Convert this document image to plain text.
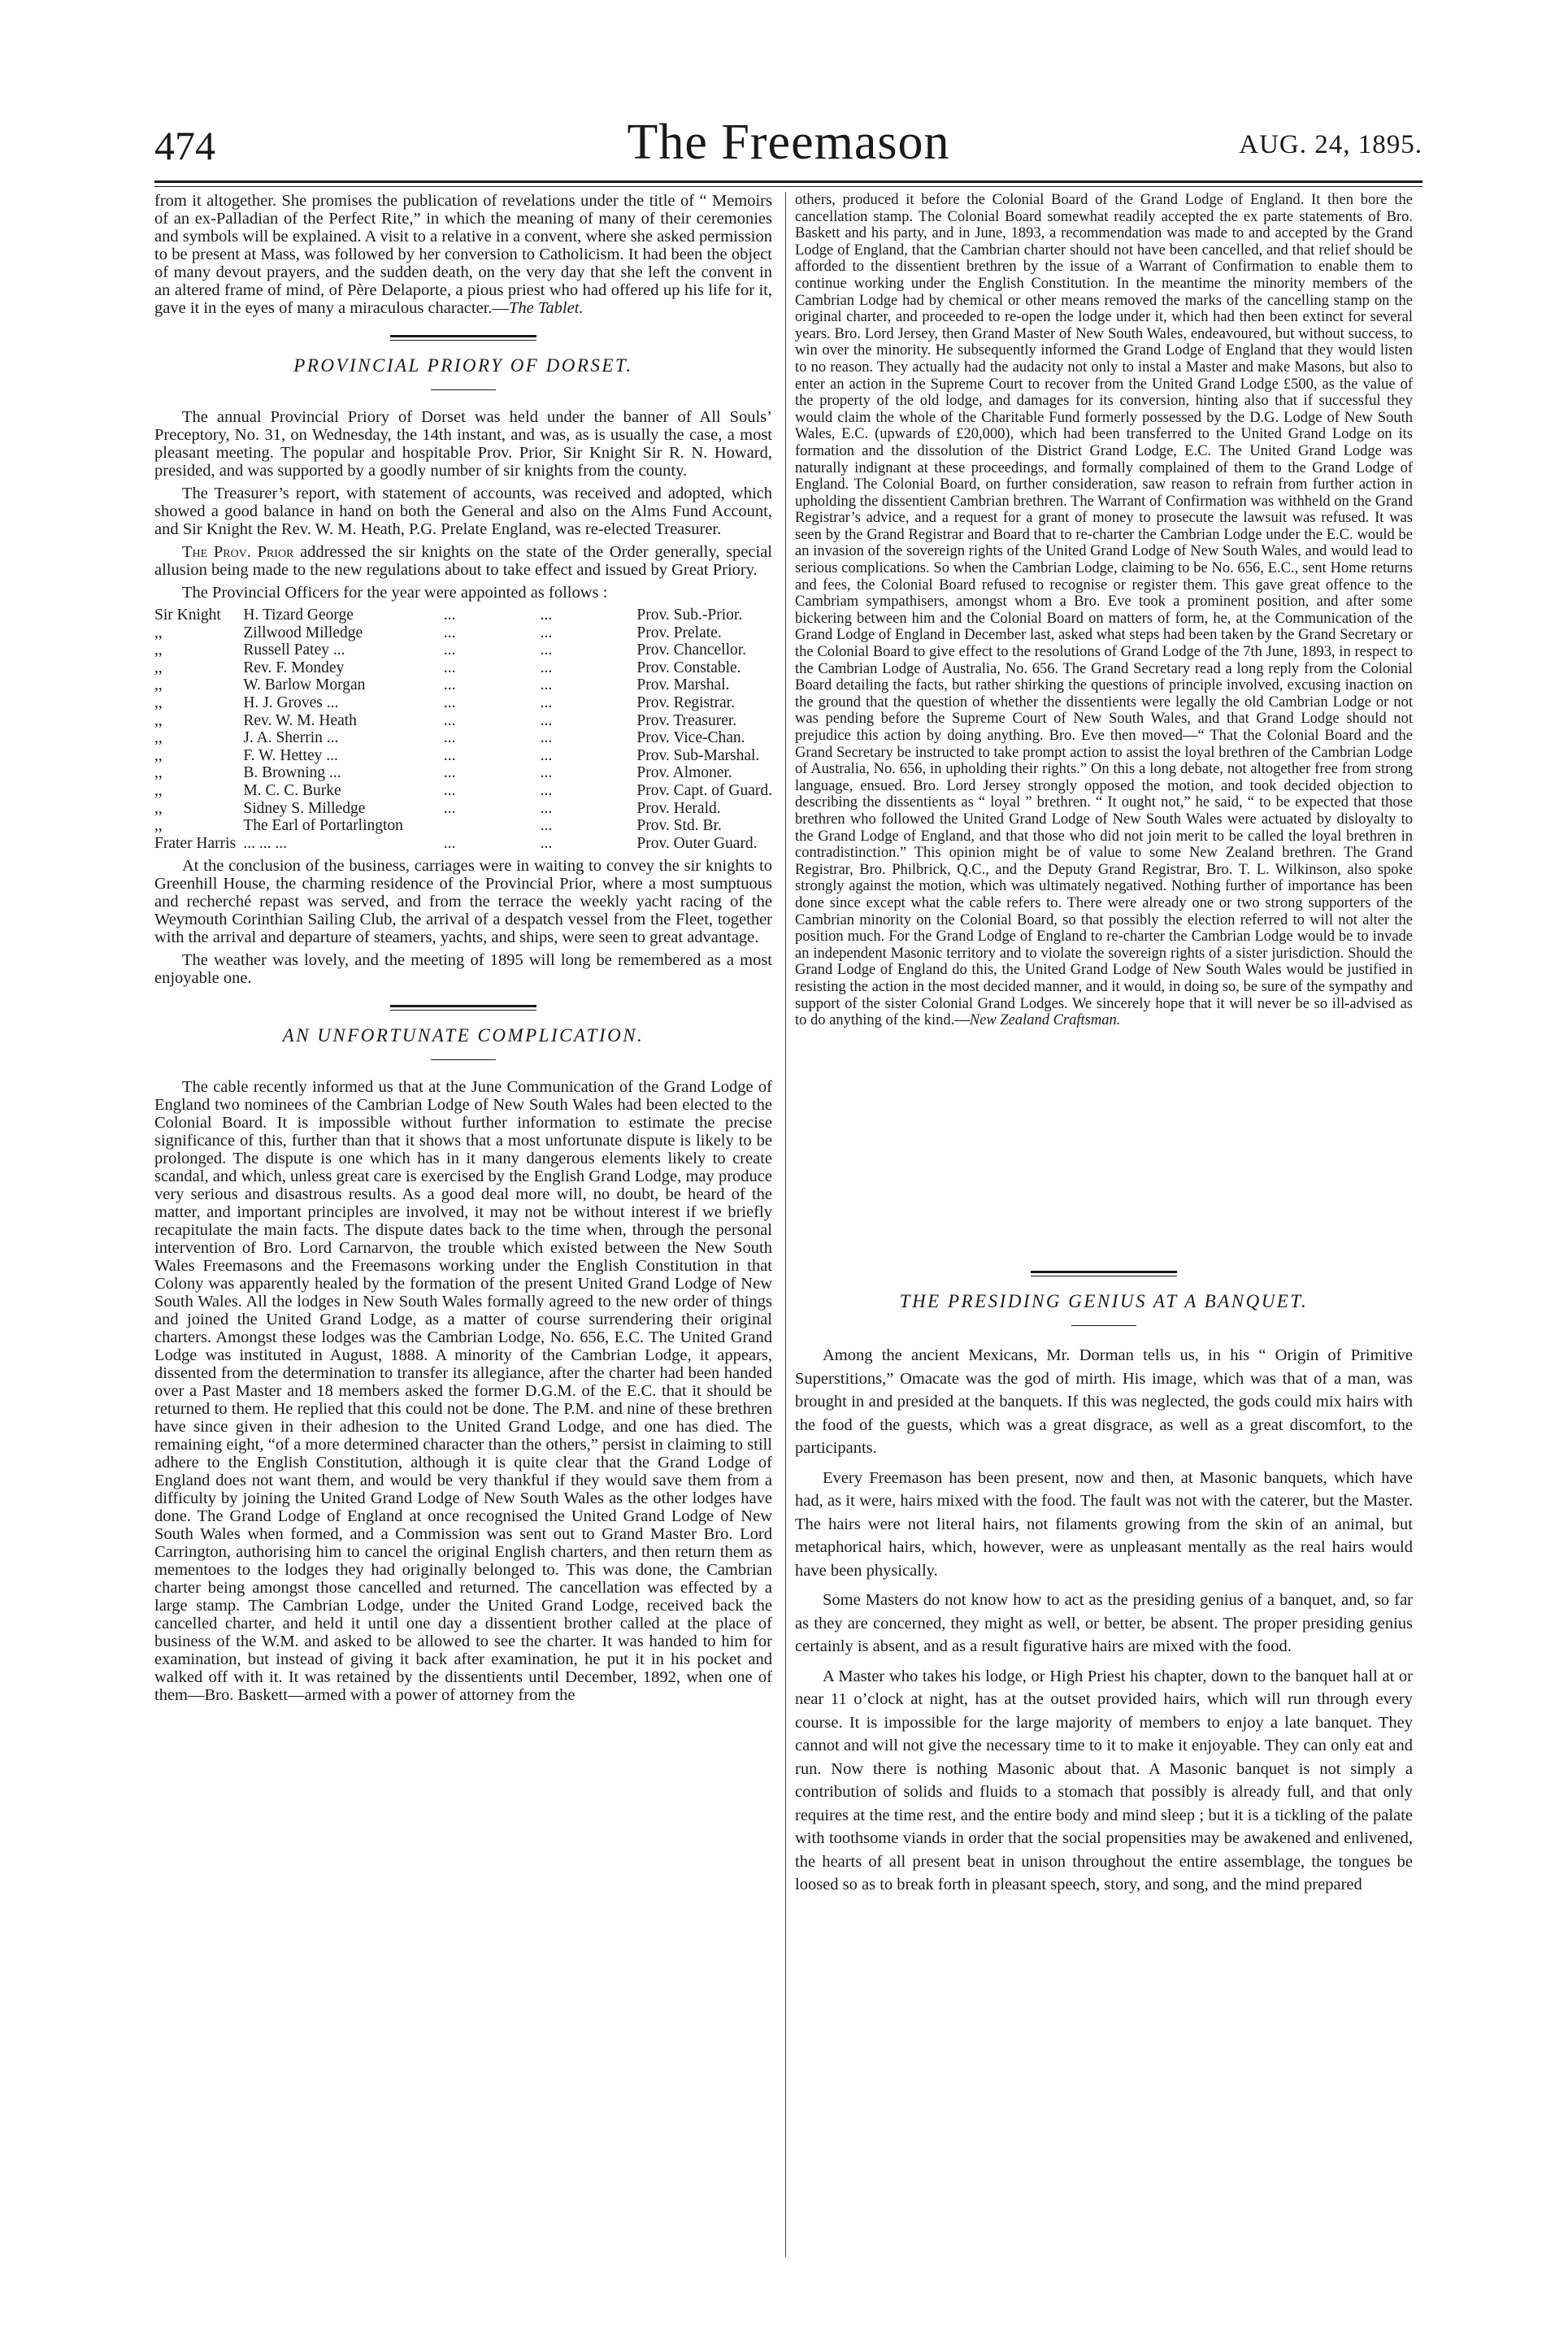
474	The Freemason	AUG. 24, 1895.

from it altogether. She promises the publication of revelations under the title of “ Memoirs of an ex-Palladian of the Perfect Rite,” in which the meaning of many of their ceremonies and symbols will be explained. A visit to a relative in a convent, where she asked permission to be present at Mass, was followed by her conversion to Catholicism. It had been the object of many devout prayers, and the sudden death, on the very day that she left the convent in an altered frame of mind, of Père Delaporte, a pious priest who had offered up his life for it, gave it in the eyes of many a miraculous character.—The Tablet.

PROVINCIAL PRIORY OF DORSET.

The annual Provincial Priory of Dorset was held under the banner of All Souls’ Preceptory, No. 31, on Wednesday, the 14th instant, and was, as is usually the case, a most pleasant meeting. The popular and hospitable Prov. Prior, Sir Knight Sir R. N. Howard, presided, and was supported by a goodly number of sir knights from the county.

The Treasurer’s report, with statement of accounts, was received and adopted, which showed a good balance in hand on both the General and also on the Alms Fund Account, and Sir Knight the Rev. W. M. Heath, P.G. Prelate England, was re-elected Treasurer.

The Prov. Prior addressed the sir knights on the state of the Order generally, special allusion being made to the new regulations about to take effect and issued by Great Priory.

The Provincial Officers for the year were appointed as follows :

Sir Knight	H. Tizard George	...	...	Prov. Sub.-Prior.
,,	Zillwood Milledge	...	...	Prov. Prelate.
,,	Russell Patey ...	...	...	Prov. Chancellor.
,,	Rev. F. Mondey	...	...	Prov. Constable.
,,	W. Barlow Morgan	...	...	Prov. Marshal.
,,	H. J. Groves ...	...	...	Prov. Registrar.
,,	Rev. W. M. Heath	...	...	Prov. Treasurer.
,,	J. A. Sherrin ...	...	...	Prov. Vice-Chan.
,,	F. W. Hettey ...	...	...	Prov. Sub-Marshal.
,,	B. Browning ...	...	...	Prov. Almoner.
,,	M. C. C. Burke	...	...	Prov. Capt. of Guard.
,,	Sidney S. Milledge	...	...	Prov. Herald.
,,	The Earl of Portarlington		...	Prov. Std. Br.
Frater Harris	... ... ...	...	...	Prov. Outer Guard.

At the conclusion of the business, carriages were in waiting to convey the sir knights to Greenhill House, the charming residence of the Provincial Prior, where a most sumptuous and recherché repast was served, and from the terrace the weekly yacht racing of the Weymouth Corinthian Sailing Club, the arrival of a despatch vessel from the Fleet, together with the arrival and departure of steamers, yachts, and ships, were seen to great advantage.

The weather was lovely, and the meeting of 1895 will long be remembered as a most enjoyable one.

AN UNFORTUNATE COMPLICATION.

The cable recently informed us that at the June Communication of the Grand Lodge of England two nominees of the Cambrian Lodge of New South Wales had been elected to the Colonial Board. It is impossible without further information to estimate the precise significance of this, further than that it shows that a most unfortunate dispute is likely to be prolonged. The dispute is one which has in it many dangerous elements likely to create scandal, and which, unless great care is exercised by the English Grand Lodge, may produce very serious and disastrous results. As a good deal more will, no doubt, be heard of the matter, and important principles are involved, it may not be without interest if we briefly recapitulate the main facts. The dispute dates back to the time when, through the personal intervention of Bro. Lord Carnarvon, the trouble which existed between the New South Wales Freemasons and the Freemasons working under the English Constitution in that Colony was apparently healed by the formation of the present United Grand Lodge of New South Wales. All the lodges in New South Wales formally agreed to the new order of things and joined the United Grand Lodge, as a matter of course surrendering their original charters. Amongst these lodges was the Cambrian Lodge, No. 656, E.C. The United Grand Lodge was instituted in August, 1888. A minority of the Cambrian Lodge, it appears, dissented from the determination to transfer its allegiance, after the charter had been handed over a Past Master and 18 members asked the former D.G.M. of the E.C. that it should be returned to them. He replied that this could not be done. The P.M. and nine of these brethren have since given in their adhesion to the United Grand Lodge, and one has died. The remaining eight, “of a more determined character than the others,” persist in claiming to still adhere to the English Constitution, although it is quite clear that the Grand Lodge of England does not want them, and would be very thankful if they would save them from a difficulty by joining the United Grand Lodge of New South Wales as the other lodges have done. The Grand Lodge of England at once recognised the United Grand Lodge of New South Wales when formed, and a Commission was sent out to Grand Master Bro. Lord Carrington, authorising him to cancel the original English charters, and then return them as mementoes to the lodges they had originally belonged to. This was done, the Cambrian charter being amongst those cancelled and returned. The cancellation was effected by a large stamp. The Cambrian Lodge, under the United Grand Lodge, received back the cancelled charter, and held it until one day a dissentient brother called at the place of business of the W.M. and asked to be allowed to see the charter. It was handed to him for examination, but instead of giving it back after examination, he put it in his pocket and walked off with it. It was retained by the dissentients until December, 1892, when one of them—Bro. Baskett—armed with a power of attorney from the

others, produced it before the Colonial Board of the Grand Lodge of England. It then bore the cancellation stamp. The Colonial Board somewhat readily accepted the ex parte statements of Bro. Baskett and his party, and in June, 1893, a recommendation was made to and accepted by the Grand Lodge of England, that the Cambrian charter should not have been cancelled, and that relief should be afforded to the dissentient brethren by the issue of a Warrant of Confirmation to enable them to continue working under the English Constitution. In the meantime the minority members of the Cambrian Lodge had by chemical or other means removed the marks of the cancelling stamp on the original charter, and proceeded to re-open the lodge under it, which had then been extinct for several years. Bro. Lord Jersey, then Grand Master of New South Wales, endeavoured, but without success, to win over the minority. He subsequently informed the Grand Lodge of England that they would listen to no reason. They actually had the audacity not only to instal a Master and make Masons, but also to enter an action in the Supreme Court to recover from the United Grand Lodge £500, as the value of the property of the old lodge, and damages for its conversion, hinting also that if successful they would claim the whole of the Charitable Fund formerly possessed by the D.G. Lodge of New South Wales, E.C. (upwards of £20,000), which had been transferred to the United Grand Lodge on its formation and the dissolution of the District Grand Lodge, E.C. The United Grand Lodge was naturally indignant at these proceedings, and formally complained of them to the Grand Lodge of England. The Colonial Board, on further consideration, saw reason to refrain from further action in upholding the dissentient Cambrian brethren. The Warrant of Confirmation was withheld on the Grand Registrar’s advice, and a request for a grant of money to prosecute the lawsuit was refused. It was seen by the Grand Registrar and Board that to re-charter the Cambrian Lodge under the E.C. would be an invasion of the sovereign rights of the United Grand Lodge of New South Wales, and would lead to serious complications. So when the Cambrian Lodge, claiming to be No. 656, E.C., sent Home returns and fees, the Colonial Board refused to recognise or register them. This gave great offence to the Cambriam sympathisers, amongst whom a Bro. Eve took a prominent position, and after some bickering between him and the Colonial Board on matters of form, he, at the Communication of the Grand Lodge of England in December last, asked what steps had been taken by the Grand Secretary or the Colonial Board to give effect to the resolutions of Grand Lodge of the 7th June, 1893, in respect to the Cambrian Lodge of Australia, No. 656. The Grand Secretary read a long reply from the Colonial Board detailing the facts, but rather shirking the questions of principle involved, excusing inaction on the ground that the question of whether the dissentients were legally the old Cambrian Lodge or not was pending before the Supreme Court of New South Wales, and that Grand Lodge should not prejudice this action by doing anything. Bro. Eve then moved—“ That the Colonial Board and the Grand Secretary be instructed to take prompt action to assist the loyal brethren of the Cambrian Lodge of Australia, No. 656, in upholding their rights.” On this a long debate, not altogether free from strong language, ensued. Bro. Lord Jersey strongly opposed the motion, and took decided objection to describing the dissentients as “ loyal ” brethren. “ It ought not,” he said, “ to be expected that those brethren who followed the United Grand Lodge of New South Wales were actuated by disloyalty to the Grand Lodge of England, and that those who did not join merit to be called the loyal brethren in contradistinction.” This opinion might be of value to some New Zealand brethren. The Grand Registrar, Bro. Philbrick, Q.C., and the Deputy Grand Registrar, Bro. T. L. Wilkinson, also spoke strongly against the motion, which was ultimately negatived. Nothing further of importance has been done since except what the cable refers to. There were already one or two strong supporters of the Cambrian minority on the Colonial Board, so that possibly the election referred to will not alter the position much. For the Grand Lodge of England to re-charter the Cambrian Lodge would be to invade an independent Masonic territory and to violate the sovereign rights of a sister jurisdiction. Should the Grand Lodge of England do this, the United Grand Lodge of New South Wales would be justified in resisting the action in the most decided manner, and it would, in doing so, be sure of the sympathy and support of the sister Colonial Grand Lodges. We sincerely hope that it will never be so ill-advised as to do anything of the kind.—New Zealand Craftsman.

THE PRESIDING GENIUS AT A BANQUET.

Among the ancient Mexicans, Mr. Dorman tells us, in his “ Origin of Primitive Superstitions,” Omacate was the god of mirth. His image, which was that of a man, was brought in and presided at the banquets. If this was neglected, the gods could mix hairs with the food of the guests, which was a great disgrace, as well as a great discomfort, to the participants.

Every Freemason has been present, now and then, at Masonic banquets, which have had, as it were, hairs mixed with the food. The fault was not with the caterer, but the Master. The hairs were not literal hairs, not filaments growing from the skin of an animal, but metaphorical hairs, which, however, were as unpleasant mentally as the real hairs would have been physically.

Some Masters do not know how to act as the presiding genius of a banquet, and, so far as they are concerned, they might as well, or better, be absent. The proper presiding genius certainly is absent, and as a result figurative hairs are mixed with the food.

A Master who takes his lodge, or High Priest his chapter, down to the banquet hall at or near 11 o’clock at night, has at the outset provided hairs, which will run through every course. It is impossible for the large majority of members to enjoy a late banquet. They cannot and will not give the necessary time to it to make it enjoyable. They can only eat and run. Now there is nothing Masonic about that. A Masonic banquet is not simply a contribution of solids and fluids to a stomach that possibly is already full, and that only requires at the time rest, and the entire body and mind sleep ; but it is a tickling of the palate with toothsome viands in order that the social propensities may be awakened and enlivened, the hearts of all present beat in unison throughout the entire assemblage, the tongues be loosed so as to break forth in pleasant speech, story, and song, and the mind prepared
